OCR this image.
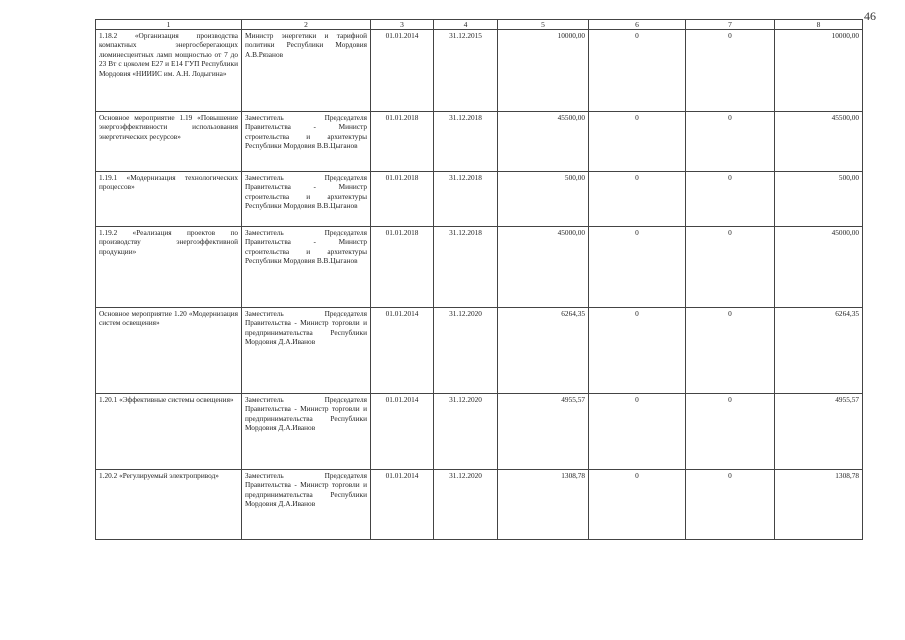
46
1	2	3	4	5	6	7	8
1.18.2 «Организация производства компактных энергосберегающих люминесцентных ламп мощностью от 7 до 23 Вт с цоколем Е27 и Е14 ГУП Республики Мордовия «НИИИС им. А.Н. Лодыгина»	Министр энергетики и тарифной политики Республики Мордовия А.В.Рязанов	01.01.2014	31.12.2015	10000,00	0	0	10000,00
Основное мероприятие 1.19 «Повышение энергоэффективности использования энергетических ресурсов»	Заместитель Председателя Правительства - Министр строительства и архитектуры Республики Мордовия В.В.Цыганов	01.01.2018	31.12.2018	45500,00	0	0	45500,00
1.19.1 «Модернизация технологических процессов»	Заместитель Председателя Правительства - Министр строительства и архитектуры Республики Мордовия В.В.Цыганов	01.01.2018	31.12.2018	500,00	0	0	500,00
1.19.2 «Реализация проектов по производству энергоэффективной продукции»	Заместитель Председателя Правительства - Министр строительства и архитектуры Республики Мордовия В.В.Цыганов	01.01.2018	31.12.2018	45000,00	0	0	45000,00
Основное мероприятие 1.20 «Модернизация систем освещения»	Заместитель Председателя Правительства - Министр торговли и предпринимательства Республики Мордовия Д.А.Иванов	01.01.2014	31.12.2020	6264,35	0	0	6264,35
1.20.1 «Эффективные системы освещения»	Заместитель Председателя Правительства - Министр торговли и предпринимательства Республики Мордовия Д.А.Иванов	01.01.2014	31.12.2020	4955,57	0	0	4955,57
1.20.2 «Регулируемый электропривод»	Заместитель Председателя Правительства - Министр торговли и предпринимательства Республики Мордовия Д.А.Иванов	01.01.2014	31.12.2020	1308,78	0	0	1308,78
